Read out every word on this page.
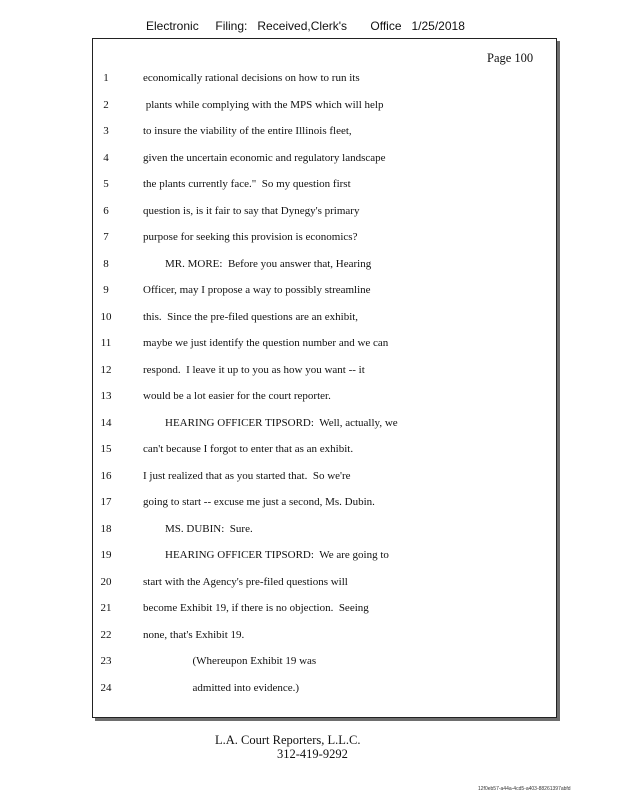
Electronic     Filing:   Received,Clerk's       Office   1/25/2018
Page 100
1	economically rational decisions on how to run its
2	plants while complying with the MPS which will help
3	to insure the viability of the entire Illinois fleet,
4	given the uncertain economic and regulatory landscape
5	the plants currently face."  So my question first
6	question is, is it fair to say that Dynegy's primary
7	purpose for seeking this provision is economics?
8	MR. MORE:  Before you answer that, Hearing
9	Officer, may I propose a way to possibly streamline
10	this.  Since the pre-filed questions are an exhibit,
11	maybe we just identify the question number and we can
12	respond.  I leave it up to you as how you want -- it
13	would be a lot easier for the court reporter.
14	HEARING OFFICER TIPSORD:  Well, actually, we
15	can't because I forgot to enter that as an exhibit.
16	I just realized that as you started that.  So we're
17	going to start -- excuse me just a second, Ms. Dubin.
18	MS. DUBIN:  Sure.
19	HEARING OFFICER TIPSORD:  We are going to
20	start with the Agency's pre-filed questions will
21	become Exhibit 19, if there is no objection.  Seeing
22	none, that's Exhibit 19.
23	(Whereupon Exhibit 19 was
24	admitted into evidence.)
L.A. Court Reporters, L.L.C.
312-419-9292
12f0eb57-a44a-4cd5-a403-88261397abfd
